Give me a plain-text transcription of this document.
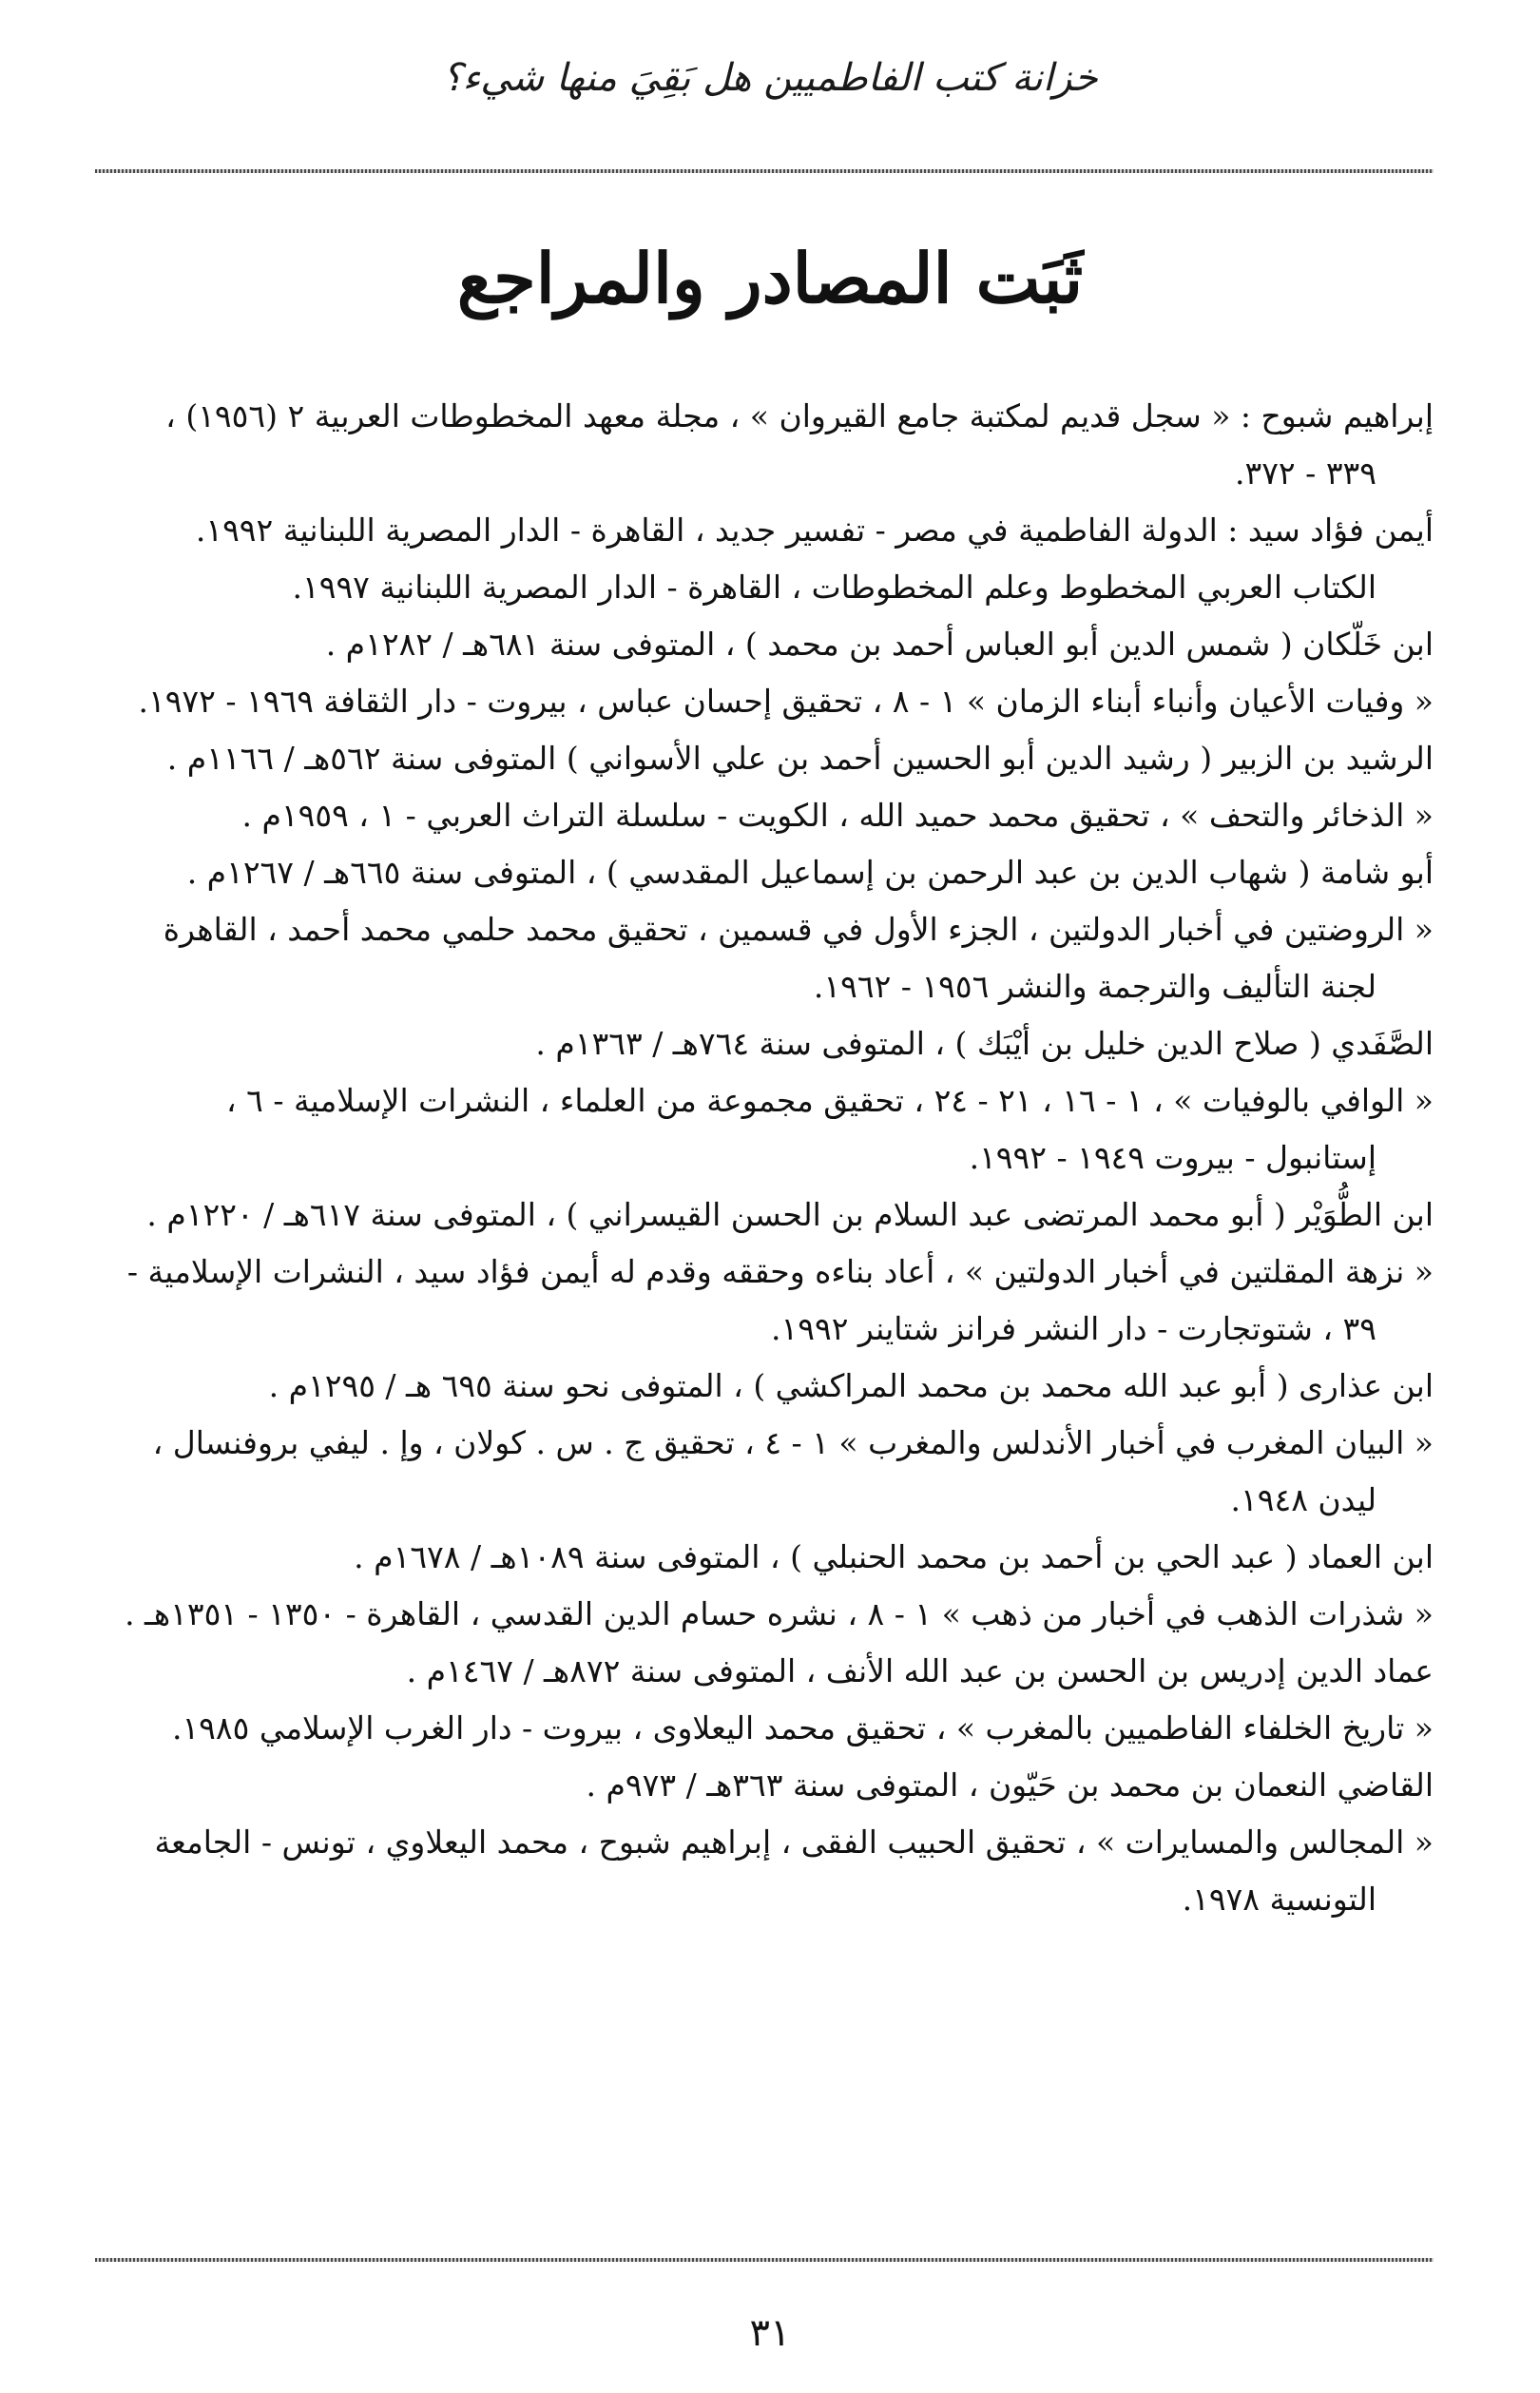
خزانة كتب الفاطميين هل بَقِيَ منها شيء؟
ثَبَت المصادر والمراجع
إبراهيم شبوح : « سجل قديم لمكتبة جامع القيروان » ، مجلة معهد المخطوطات العربية ٢ (١٩٥٦) ،
٣٣٩ - ٣٧٢.
أيمن فؤاد سيد : الدولة الفاطمية في مصر - تفسير جديد ، القاهرة - الدار المصرية اللبنانية ١٩٩٢.
الكتاب العربي المخطوط وعلم المخطوطات ، القاهرة - الدار المصرية اللبنانية ١٩٩٧.
ابن خَلّكان ( شمس الدين أبو العباس أحمد بن محمد ) ، المتوفى سنة ٦٨١هـ / ١٢٨٢م .
« وفيات الأعيان وأنباء أبناء الزمان » ١ - ٨ ، تحقيق إحسان عباس ، بيروت - دار الثقافة ١٩٦٩ - ١٩٧٢.
الرشيد بن الزبير ( رشيد الدين أبو الحسين أحمد بن علي الأسواني ) المتوفى سنة ٥٦٢هـ / ١١٦٦م .
« الذخائر والتحف » ، تحقيق محمد حميد الله ، الكويت - سلسلة التراث العربي - ١ ، ١٩٥٩م .
أبو شامة ( شهاب الدين بن عبد الرحمن بن إسماعيل المقدسي ) ، المتوفى سنة ٦٦٥هـ / ١٢٦٧م .
« الروضتين في أخبار الدولتين ، الجزء الأول في قسمين ، تحقيق محمد حلمي محمد أحمد ، القاهرة
لجنة التأليف والترجمة والنشر ١٩٥٦ - ١٩٦٢.
الصَّفَدي ( صلاح الدين خليل بن أيْبَك ) ، المتوفى سنة ٧٦٤هـ / ١٣٦٣م .
« الوافي بالوفيات » ، ١ - ١٦ ، ٢١ - ٢٤ ، تحقيق مجموعة من العلماء ، النشرات الإسلامية - ٦ ،
إستانبول - بيروت ١٩٤٩ - ١٩٩٢.
ابن الطُّوَيْر ( أبو محمد المرتضى عبد السلام بن الحسن القيسراني ) ، المتوفى سنة ٦١٧هـ / ١٢٢٠م .
« نزهة المقلتين في أخبار الدولتين » ، أعاد بناءه وحققه وقدم له أيمن فؤاد سيد ، النشرات الإسلامية -
٣٩ ، شتوتجارت - دار النشر فرانز شتاينر ١٩٩٢.
ابن عذارى ( أبو عبد الله محمد بن محمد المراكشي ) ، المتوفى نحو سنة ٦٩٥ هـ / ١٢٩٥م .
« البيان المغرب في أخبار الأندلس والمغرب » ١ - ٤ ، تحقيق ج . س . كولان ، وإ . ليفي بروفنسال ،
ليدن ١٩٤٨.
ابن العماد ( عبد الحي بن أحمد بن محمد الحنبلي ) ، المتوفى سنة ١٠٨٩هـ / ١٦٧٨م .
« شذرات الذهب في أخبار من ذهب » ١ - ٨ ، نشره حسام الدين القدسي ، القاهرة - ١٣٥٠ - ١٣٥١هـ .
عماد الدين إدريس بن الحسن بن عبد الله الأنف ، المتوفى سنة ٨٧٢هـ / ١٤٦٧م .
« تاريخ الخلفاء الفاطميين بالمغرب » ، تحقيق محمد اليعلاوى ، بيروت - دار الغرب الإسلامي ١٩٨٥.
القاضي النعمان بن محمد بن حَيّون ، المتوفى سنة ٣٦٣هـ / ٩٧٣م .
« المجالس والمسايرات » ، تحقيق الحبيب الفقى ، إبراهيم شبوح ، محمد اليعلاوي ، تونس - الجامعة
التونسية ١٩٧٨.
٣١
